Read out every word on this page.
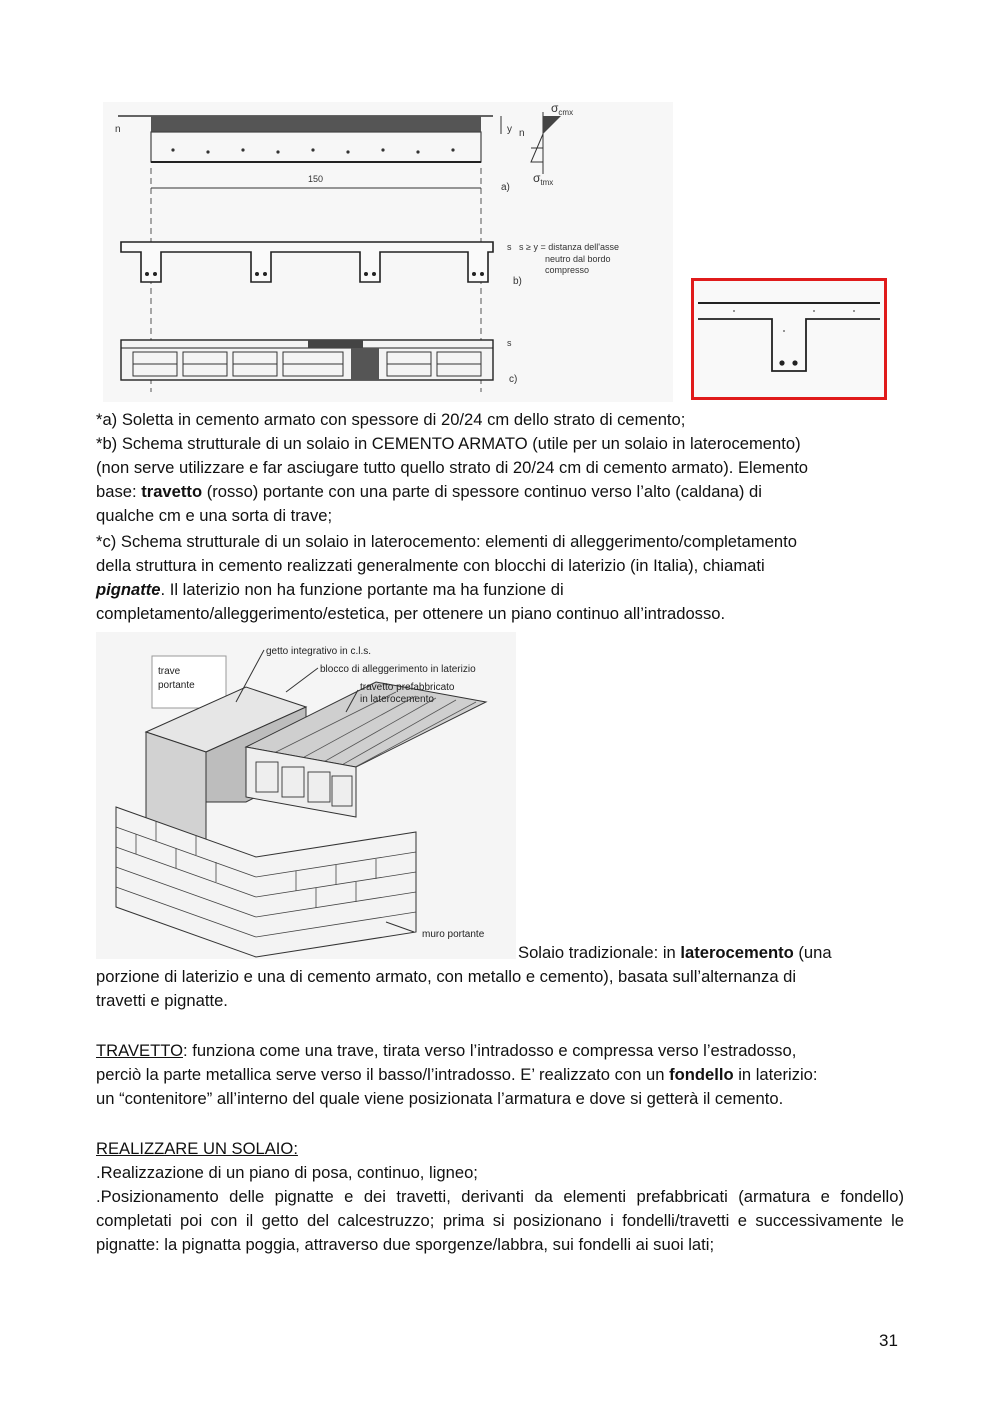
n	y n
$\sigma_{cmx}$
$\sigma_{tmx}$
150
a)
s s ≥ y = distanza dell'asse
neutro dal bordo
compresso
b)
s
c)
*a) Soletta in cemento armato con spessore di 20/24 cm dello strato di cemento;
*b) Schema strutturale di un solaio in CEMENTO ARMATO (utile per un solaio in laterocemento)
(non serve utilizzare e far asciugare tutto quello strato di 20/24 cm di cemento armato). Elemento
base: travetto (rosso) portante con una parte di spessore continuo verso l’alto (caldana) di
qualche cm e una sorta di trave;
*c) Schema strutturale di un solaio in laterocemento: elementi di alleggerimento/completamento
della struttura in cemento realizzati generalmente con blocchi di laterizio (in Italia), chiamati
pignatte. Il laterizio non ha funzione portante ma ha funzione di
completamento/alleggerimento/estetica, per ottenere un piano continuo all’intradosso.
trave
portante
getto integrativo in c.l.s.
blocco di alleggerimento in laterizio
travetto prefabbricato
in laterocemento
muro portante
Solaio tradizionale: in laterocemento (una
porzione di laterizio e una di cemento armato, con metallo e cemento), basata sull’alternanza di
travetti e pignatte.
TRAVETTO: funziona come una trave, tirata verso l’intradosso e compressa verso l’estradosso,
perciò la parte metallica serve verso il basso/l’intradosso. E’ realizzato con un fondello in laterizio:
un “contenitore” all’interno del quale viene posizionata l’armatura e dove si getterà il cemento.
REALIZZARE UN SOLAIO:

.Realizzazione di un piano di posa, continuo, ligneo;

.Posizionamento delle pignatte e dei travetti, derivanti da elementi prefabbricati (armatura e fondello) completati poi con il getto del calcestruzzo; prima si posizionano i fondelli/travetti e successivamente le pignatte: la pignatta poggia, attraverso due sporgenze/labbra, sui fondelli ai suoi lati;

31
